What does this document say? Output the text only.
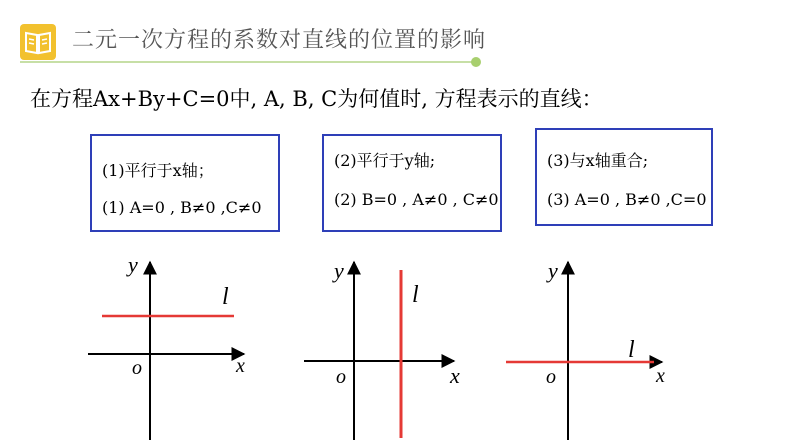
二元一次方程的系数对直线的位置的影响
在方程Ax+By+C=0中, A, B, C为何值时, 方程表示的直线：
(1)平行于x轴；
(1) A=0 , B≠0 ,C≠0
(2)平行于y轴;
(2) B=0 , A≠0 , C≠0
(3)与x轴重合;
(3) A=0 , B≠0 ,C=0
y
x
o
l
y
x
o
l
y
x
o
l
